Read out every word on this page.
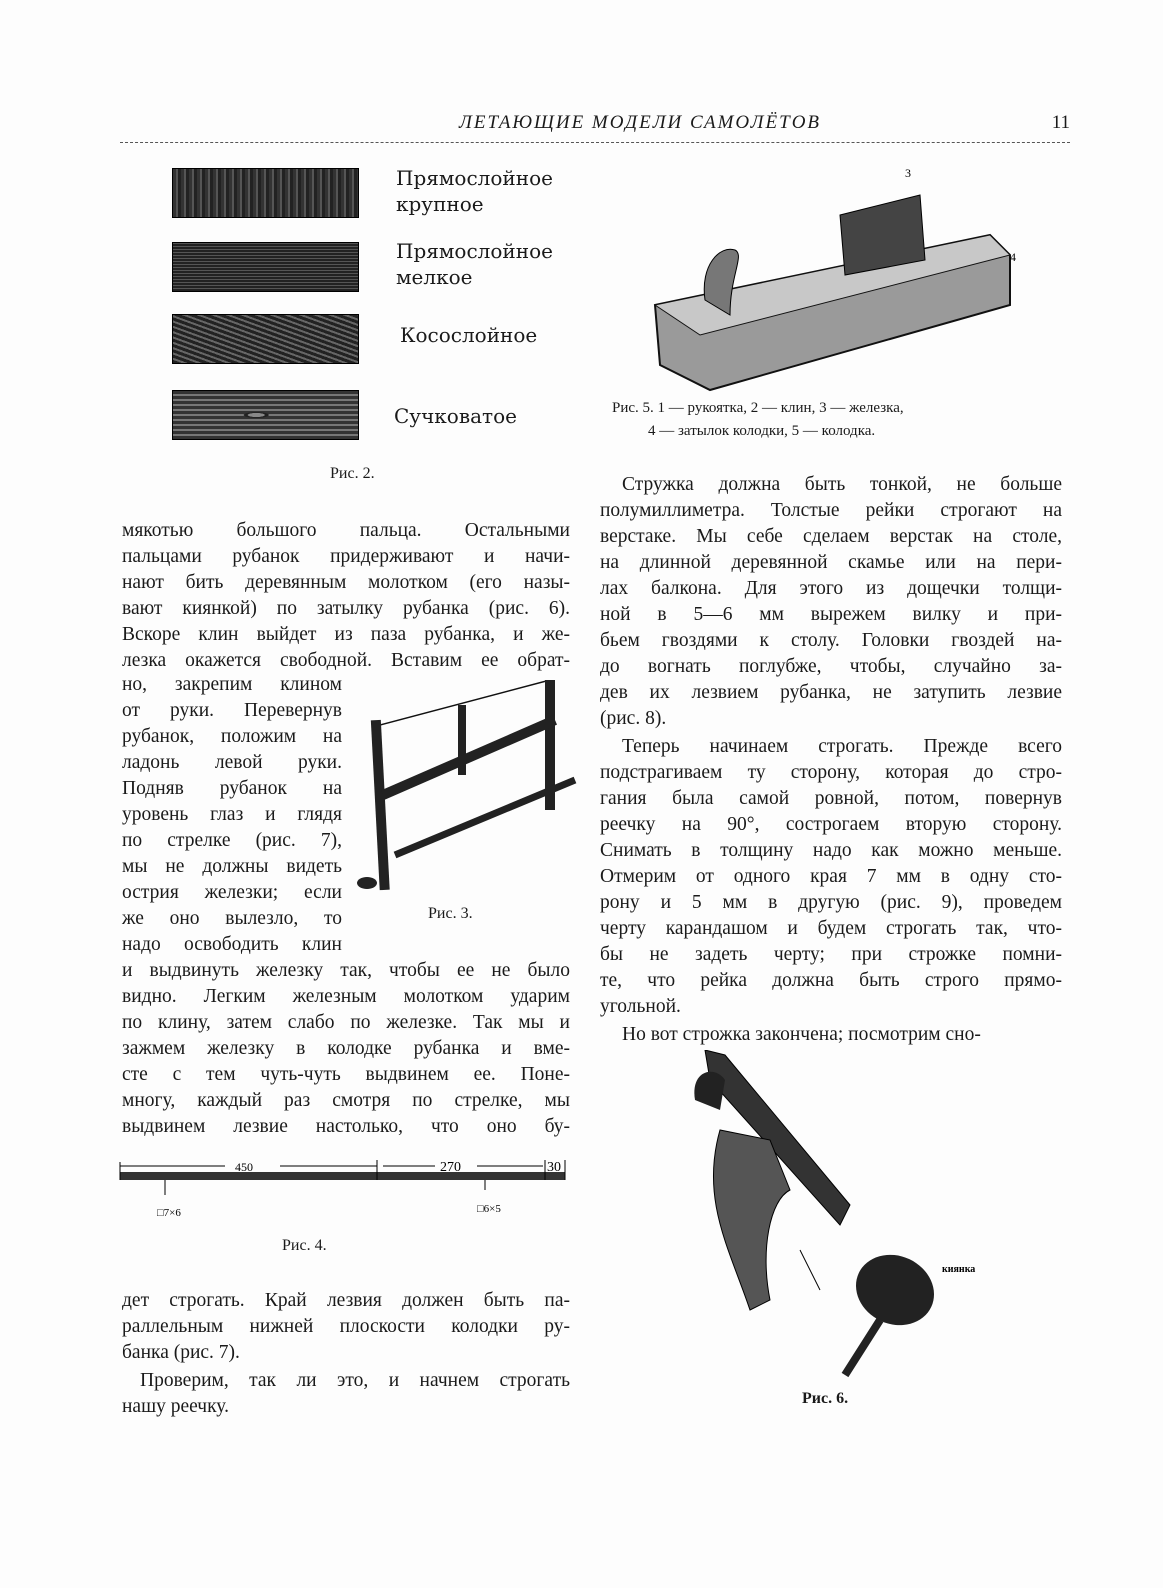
ЛЕТАЮЩИЕ МОДЕЛИ САМОЛЁТОВ	11
Прямослойное
крупное
Прямослойное
мелкое
Косослойное
Сучковатое
Рис. 2.
3
4
Рис. 5. 1 — рукоятка, 2 — клин, 3 — железка,
4 — затылок колодки, 5 — колодка.
Рис. 3.
450	270	30
□7×6	□6×5
Рис. 4.
киянка
Рис. 6.
мякотью большого пальца. Остальными
пальцами рубанок придерживают и начи-
нают бить деревянным молотком (его назы-
вают киянкой) по затылку рубанка (рис. 6).
Вскоре клин выйдет из паза рубанка, и же-
лезка окажется свободной. Вставим ее обрат-
но, закрепим клином
от руки. Перевернув
рубанок, положим на
ладонь левой руки.
Подняв рубанок на
уровень глаз и глядя
по стрелке (рис. 7),
мы не должны видеть
острия железки; если
же оно вылезло, то
надо освободить клин
и выдвинуть железку так, чтобы ее не было
видно. Легким железным молотком ударим
по клину, затем слабо по железке. Так мы и
зажмем железку в колодке рубанка и вме-
сте с тем чуть-чуть выдвинем ее. Поне-
многу, каждый раз смотря по стрелке, мы
выдвинем лезвие настолько, что оно бу-
дет строгать. Край лезвия должен быть па-
раллельным нижней плоскости колодки ру-
банка (рис. 7).
Проверим, так ли это, и начнем строгать
нашу реечку.
Стружка должна быть тонкой, не больше
полумиллиметра. Толстые рейки строгают на
верстаке. Мы себе сделаем верстак на столе,
на длинной деревянной скамье или на пери-
лах балкона. Для этого из дощечки толщи-
ной в 5—6 мм вырежем вилку и при-
бьем гвоздями к столу. Головки гвоздей на-
до вогнать поглубже, чтобы, случайно за-
дев их лезвием рубанка, не затупить лезвие
(рис. 8).
Теперь начинаем строгать. Прежде всего
подстрагиваем ту сторону, которая до стро-
гания была самой ровной, потом, повернув
реечку на 90°, сострогаем вторую сторону.
Снимать в толщину надо как можно меньше.
Отмерим от одного края 7 мм в одну сто-
рону и 5 мм в другую (рис. 9), проведем
черту карандашом и будем строгать так, что-
бы не задеть черту; при строжке помни-
те, что рейка должна быть строго прямо-
угольной.
Но вот строжка закончена; посмотрим сно-
